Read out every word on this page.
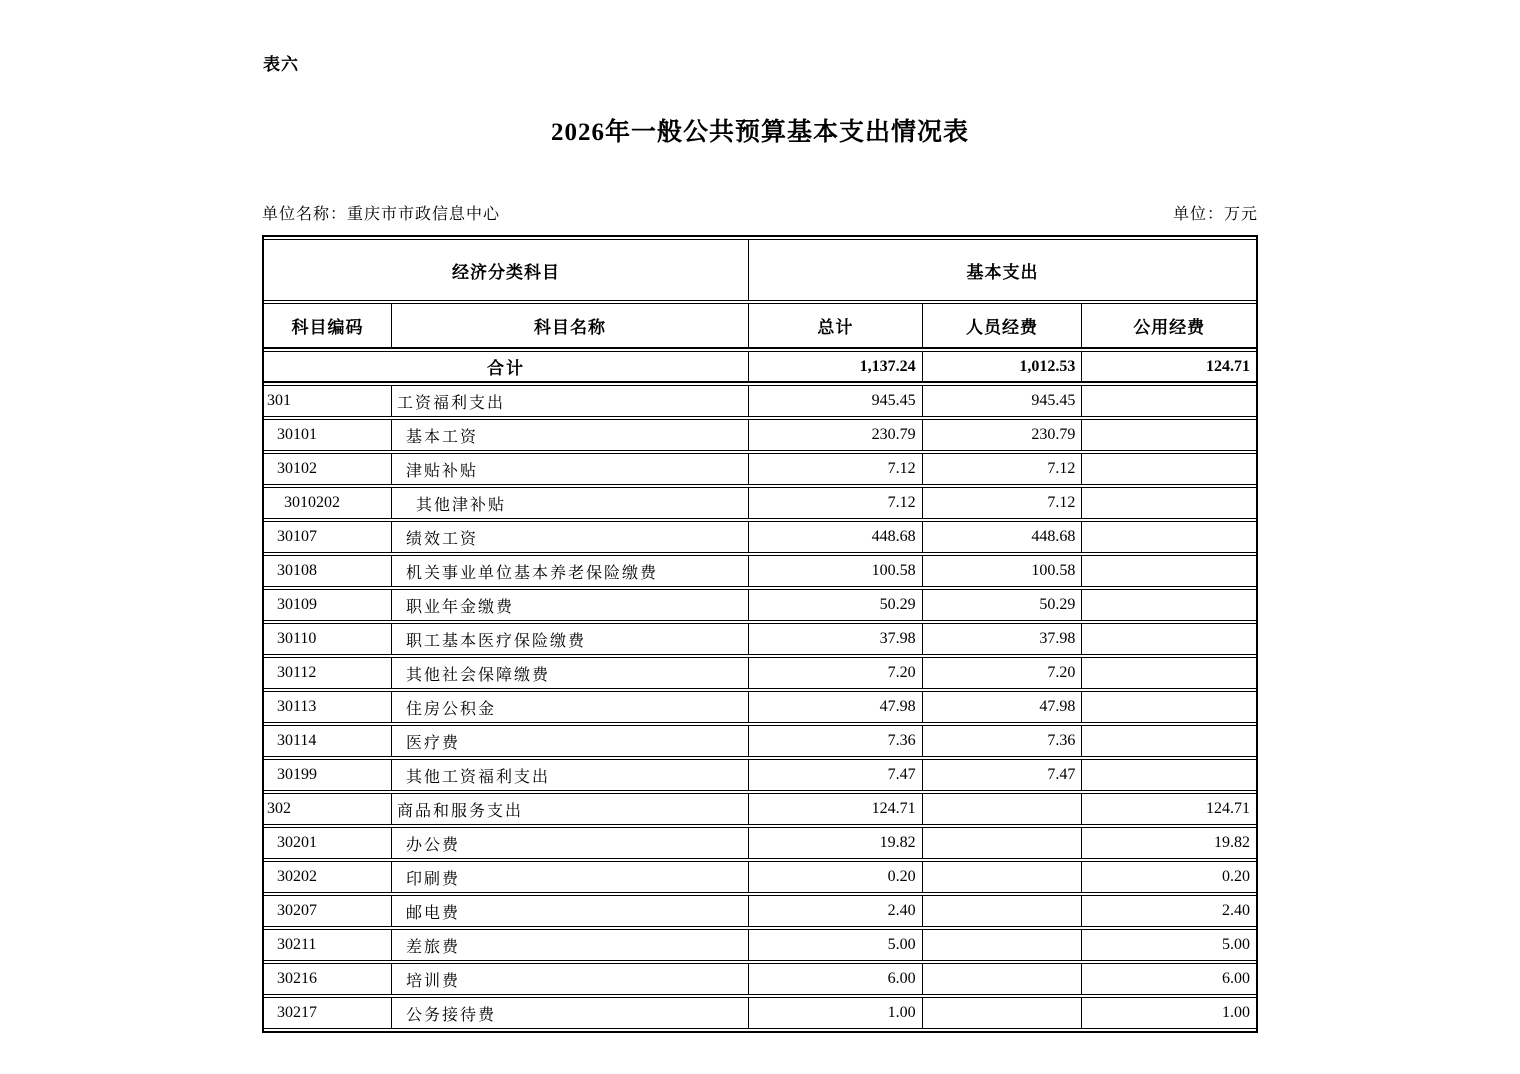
表六
2026年一般公共预算基本支出情况表
单位名称：重庆市市政信息中心	单位：万元
经济分类科目		基本支出		
科目编码	科目名称	总计	人员经费	公用经费
合计		1,137.24	1,012.53	124.71
301	工资福利支出	945.45	945.45	
30101	基本工资	230.79	230.79	
30102	津贴补贴	7.12	7.12	
3010202	其他津补贴	7.12	7.12	
30107	绩效工资	448.68	448.68	
30108	机关事业单位基本养老保险缴费	100.58	100.58	
30109	职业年金缴费	50.29	50.29	
30110	职工基本医疗保险缴费	37.98	37.98	
30112	其他社会保障缴费	7.20	7.20	
30113	住房公积金	47.98	47.98	
30114	医疗费	7.36	7.36	
30199	其他工资福利支出	7.47	7.47	
302	商品和服务支出	124.71		124.71
30201	办公费	19.82		19.82
30202	印刷费	0.20		0.20
30207	邮电费	2.40		2.40
30211	差旅费	5.00		5.00
30216	培训费	6.00		6.00
30217	公务接待费	1.00		1.00
